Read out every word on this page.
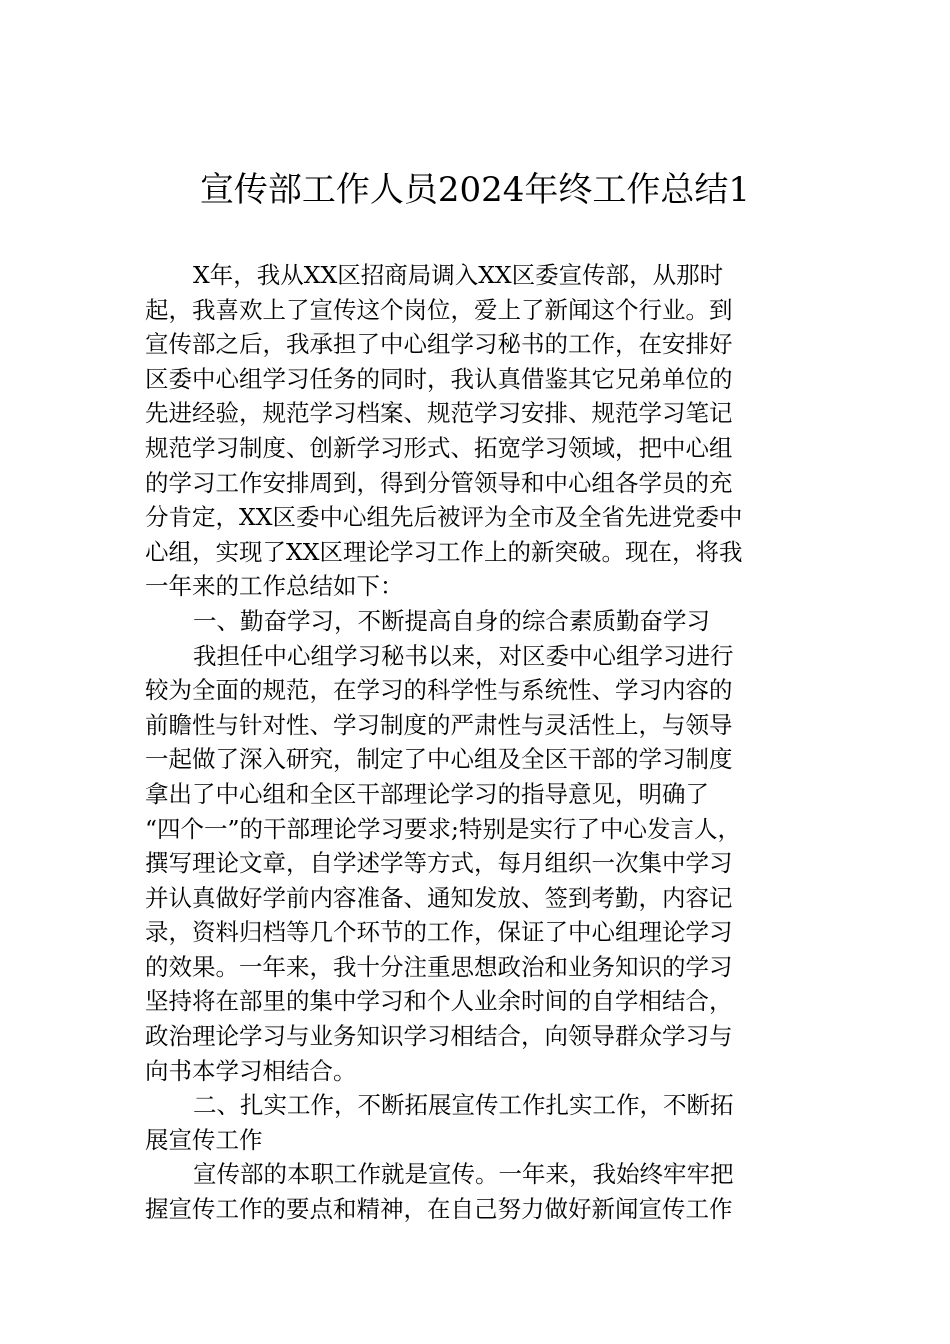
宣传部工作人员2024年终工作总结1
X年，我从XX区招商局调入XX区委宣传部，从那时
起，我喜欢上了宣传这个岗位，爱上了新闻这个行业。到
宣传部之后，我承担了中心组学习秘书的工作，在安排好
区委中心组学习任务的同时，我认真借鉴其它兄弟单位的
先进经验，规范学习档案、规范学习安排、规范学习笔记
规范学习制度、创新学习形式、拓宽学习领域，把中心组
的学习工作安排周到，得到分管领导和中心组各学员的充
分肯定，XX区委中心组先后被评为全市及全省先进党委中
心组，实现了XX区理论学习工作上的新突破。现在，将我
一年来的工作总结如下：
一、勤奋学习，不断提高自身的综合素质勤奋学习
我担任中心组学习秘书以来，对区委中心组学习进行
较为全面的规范，在学习的科学性与系统性、学习内容的
前瞻性与针对性、学习制度的严肃性与灵活性上，与领导
一起做了深入研究，制定了中心组及全区干部的学习制度
拿出了中心组和全区干部理论学习的指导意见，明确了
“四个一”的干部理论学习要求;特别是实行了中心发言人，
撰写理论文章，自学述学等方式，每月组织一次集中学习
并认真做好学前内容准备、通知发放、签到考勤，内容记
录，资料归档等几个环节的工作，保证了中心组理论学习
的效果。一年来，我十分注重思想政治和业务知识的学习
坚持将在部里的集中学习和个人业余时间的自学相结合，
政治理论学习与业务知识学习相结合，向领导群众学习与
向书本学习相结合。
二、扎实工作，不断拓展宣传工作扎实工作，不断拓
展宣传工作
宣传部的本职工作就是宣传。一年来，我始终牢牢把
握宣传工作的要点和精神，在自己努力做好新闻宣传工作
